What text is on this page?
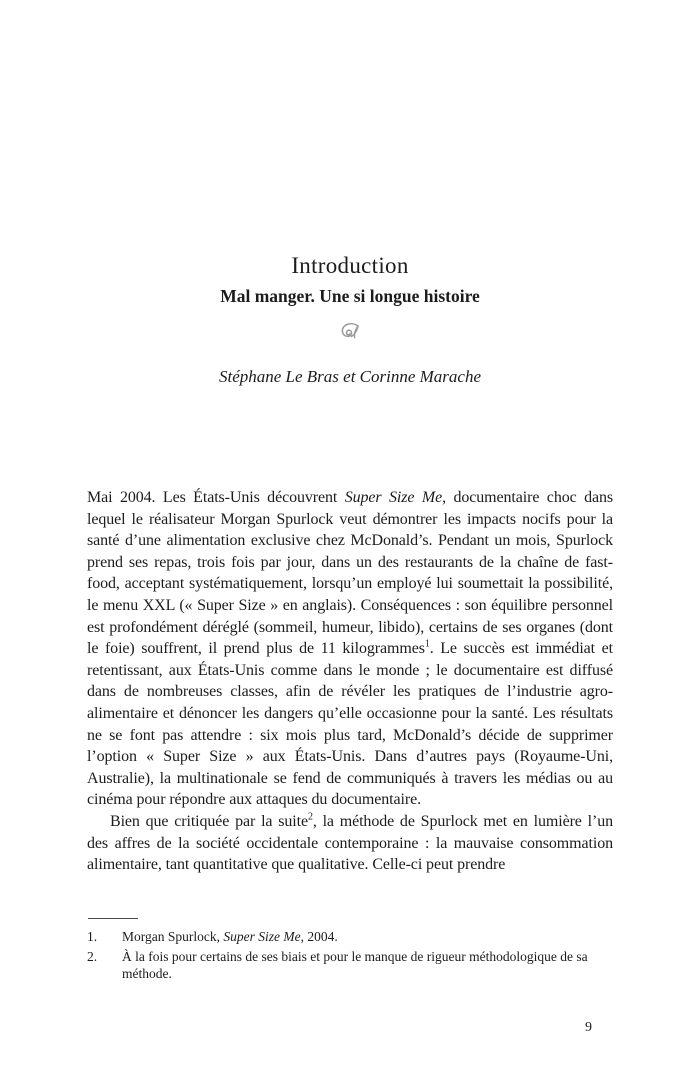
Introduction
Mal manger. Une si longue histoire
Stéphane Le Bras et Corinne Marache

Mai 2004. Les États-Unis découvrent Super Size Me, documentaire choc dans lequel le réalisateur Morgan Spurlock veut démontrer les impacts nocifs pour la santé d’une alimentation exclusive chez McDonald’s. Pendant un mois, Spurlock prend ses repas, trois fois par jour, dans un des restaurants de la chaîne de fast-food, acceptant systématiquement, lorsqu’un employé lui soumettait la possibilité, le menu XXL (« Super Size » en anglais). Conséquences : son équilibre personnel est profondément déréglé (sommeil, humeur, libido), certains de ses organes (dont le foie) souffrent, il prend plus de 11 kilogrammes$^1$. Le succès est immédiat et retentissant, aux États-Unis comme dans le monde ; le documentaire est diffusé dans de nombreuses classes, afin de révéler les pratiques de l’industrie agro-alimentaire et dénoncer les dangers qu’elle occasionne pour la santé. Les résultats ne se font pas attendre : six mois plus tard, McDonald’s décide de supprimer l’option « Super Size » aux États-Unis. Dans d’autres pays (Royaume-Uni, Australie), la multinationale se fend de communiqués à travers les médias ou au cinéma pour répondre aux attaques du documentaire.

Bien que critiquée par la suite$^2$, la méthode de Spurlock met en lumière l’un des affres de la société occidentale contemporaine : la mauvaise consommation alimentaire, tant quantitative que qualitative. Celle-ci peut prendre

1.	Morgan Spurlock, Super Size Me, 2004.
2.	À la fois pour certains de ses biais et pour le manque de rigueur méthodologique de sa méthode.
9
